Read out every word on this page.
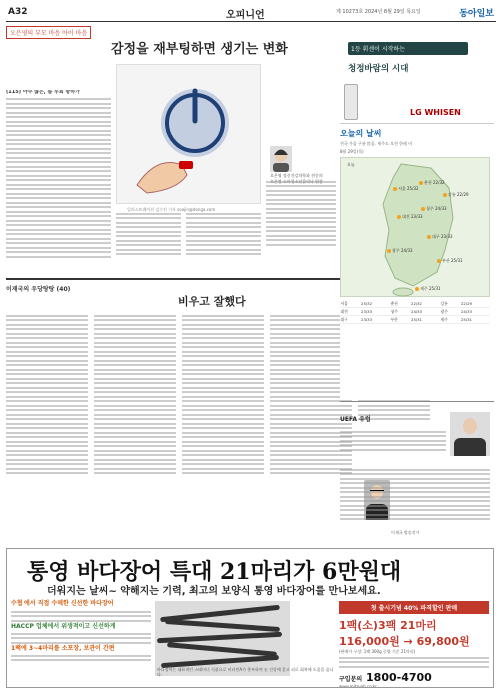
A32	오피니언	제 10273호 2024년 8월 29일 목요일	동아일보
오은영의 부모 마음 아이 마음
감정을 재부팅하면 생기는 변화
(115) 아주 많은, 좀 후회 방하가
일러스트레이션 김수진 기자 soojin@donga.com
오은영 정신건강의학과 전문의

이재국의 우당탕탕 (40)
비우고 잘했다
이재국 방송작가
1등 휘센이 시작하는
청정바람의 시대
LG WHISEN
오늘의 날씨
전국 가끔 구름 많음. 제주도 오전 한때 비
8월 29일(목)
오늘
서울 25/32
춘천 22/32
강릉 22/29
대전 23/33
청주 24/33
광주 24/33
대구 23/33
부산 25/31
제주 25/31
서울	25/32	춘천	22/32	강릉	22/29
대전	23/33	청주	24/33	광주	24/33
대구	23/33	부산	25/31	제주	25/31
UEFA 유럽
통영 바다장어 특대 21마리가 6만원대
더워지는 날씨~ 약해지는 기력, 최고의 보양식 통영 바다장어를 만나보세요.
수협 에서 직접 수매한 신선한 바다장어
HACCP 업체에서 위생적이고 신선하게
1팩에 3~4마리를 소포장, 보관이 간편
바다장어는 대표적인 스태미너 식품으로 비타민A가 풍부하여 눈 건강에 좋고 피로 회복에 도움을 줍니다.
첫 출시기념 40% 파격할인 판매
1팩(소)3팩 21마리 116,000원 → 69,800원
(판매가 구성: 1팩 300g 중량 기준 21마리)
구입문의 1800-4700
www.mitzvah.co.kr
